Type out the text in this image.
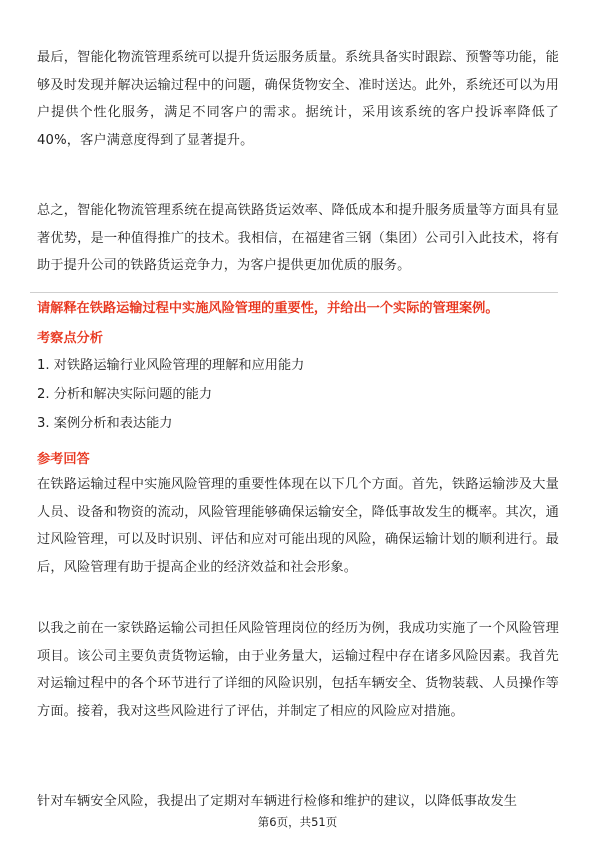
最后，智能化物流管理系统可以提升货运服务质量。系统具备实时跟踪、预警等功能，能够及时发现并解决运输过程中的问题，确保货物安全、准时送达。此外，系统还可以为用户提供个性化服务，满足不同客户的需求。据统计，采用该系统的客户投诉率降低了40%，客户满意度得到了显著提升。

总之，智能化物流管理系统在提高铁路货运效率、降低成本和提升服务质量等方面具有显著优势，是一种值得推广的技术。我相信，在福建省三钢（集团）公司引入此技术，将有助于提升公司的铁路货运竞争力，为客户提供更加优质的服务。

请解释在铁路运输过程中实施风险管理的重要性，并给出一个实际的管理案例。

考察点分析

1. 对铁路运输行业风险管理的理解和应用能力

2. 分析和解决实际问题的能力

3. 案例分析和表达能力

参考回答

在铁路运输过程中实施风险管理的重要性体现在以下几个方面。首先，铁路运输涉及大量人员、设备和物资的流动，风险管理能够确保运输安全，降低事故发生的概率。其次，通过风险管理，可以及时识别、评估和应对可能出现的风险，确保运输计划的顺利进行。最后，风险管理有助于提高企业的经济效益和社会形象。

以我之前在一家铁路运输公司担任风险管理岗位的经历为例，我成功实施了一个风险管理项目。该公司主要负责货物运输，由于业务量大，运输过程中存在诸多风险因素。我首先对运输过程中的各个环节进行了详细的风险识别，包括车辆安全、货物装载、人员操作等方面。接着，我对这些风险进行了评估，并制定了相应的风险应对措施。

针对车辆安全风险，我提出了定期对车辆进行检修和维护的建议，以降低事故发生

第6页，共51页
